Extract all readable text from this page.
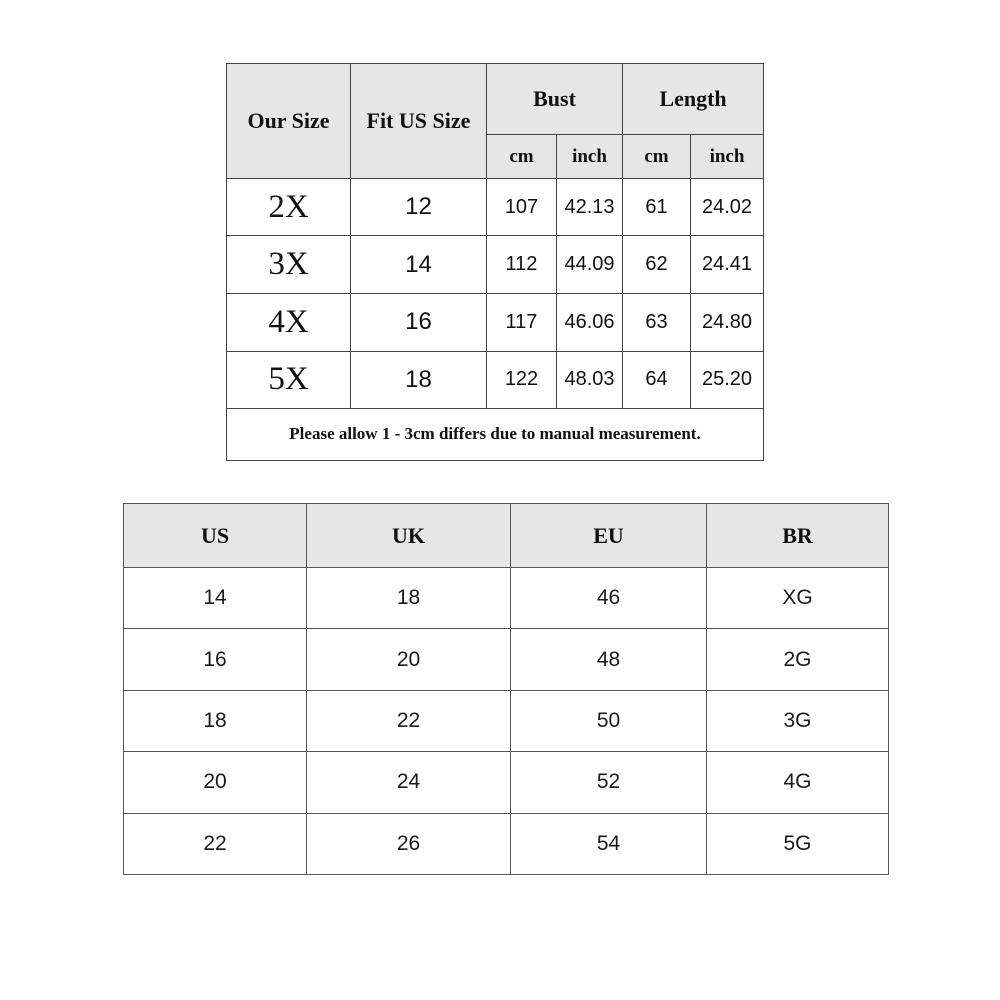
Our Size	Fit US Size	Bust		Length	
		cm	inch	cm	inch
2X	12	107	42.13	61	24.02
3X	14	112	44.09	62	24.41
4X	16	117	46.06	63	24.80
5X	18	122	48.03	64	25.20
Please allow 1 - 3cm differs due to manual measurement.					
US	UK	EU	BR
14	18	46	XG
16	20	48	2G
18	22	50	3G
20	24	52	4G
22	26	54	5G
